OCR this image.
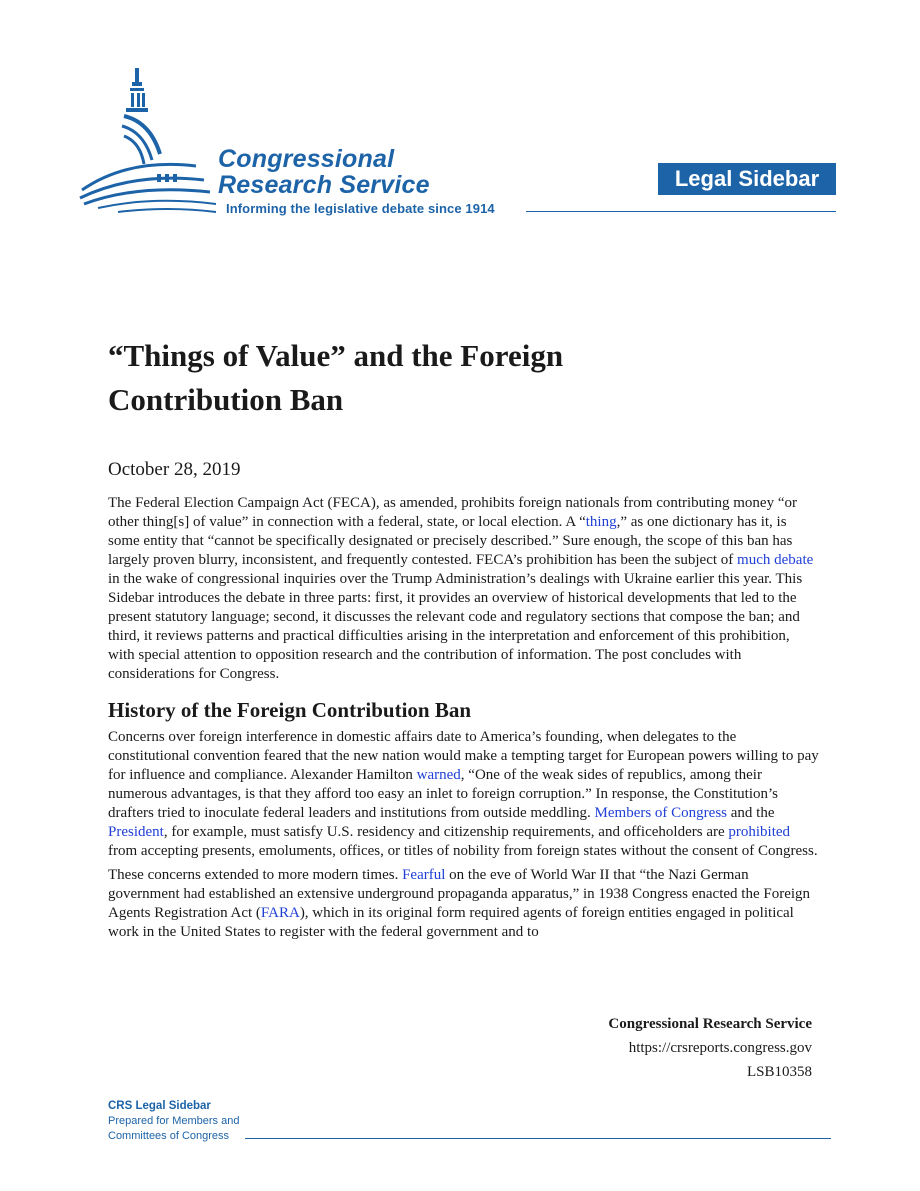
Congressional
Research Service
Informing the legislative debate since 1914
Legal Sidebar
“Things of Value” and the Foreign
Contribution Ban
October 28, 2019

The Federal Election Campaign Act (FECA), as amended, prohibits foreign nationals from contributing money “or other thing[s] of value” in connection with a federal, state, or local election. A “thing,” as one dictionary has it, is some entity that “cannot be specifically designated or precisely described.” Sure enough, the scope of this ban has largely proven blurry, inconsistent, and frequently contested. FECA’s prohibition has been the subject of much debate in the wake of congressional inquiries over the Trump Administration’s dealings with Ukraine earlier this year. This Sidebar introduces the debate in three parts: first, it provides an overview of historical developments that led to the present statutory language; second, it discusses the relevant code and regulatory sections that compose the ban; and third, it reviews patterns and practical difficulties arising in the interpretation and enforcement of this prohibition, with special attention to opposition research and the contribution of information. The post concludes with considerations for Congress.

History of the Foreign Contribution Ban

Concerns over foreign interference in domestic affairs date to America’s founding, when delegates to the constitutional convention feared that the new nation would make a tempting target for European powers willing to pay for influence and compliance. Alexander Hamilton warned, “One of the weak sides of republics, among their numerous advantages, is that they afford too easy an inlet to foreign corruption.” In response, the Constitution’s drafters tried to inoculate federal leaders and institutions from outside meddling. Members of Congress and the President, for example, must satisfy U.S. residency and citizenship requirements, and officeholders are prohibited from accepting presents, emoluments, offices, or titles of nobility from foreign states without the consent of Congress.

These concerns extended to more modern times. Fearful on the eve of World War II that “the Nazi German government had established an extensive underground propaganda apparatus,” in 1938 Congress enacted the Foreign Agents Registration Act (FARA), which in its original form required agents of foreign entities engaged in political work in the United States to register with the federal government and to

Congressional Research Service
https://crsreports.congress.gov
LSB10358
CRS Legal Sidebar
Prepared for Members and
Committees of Congress
